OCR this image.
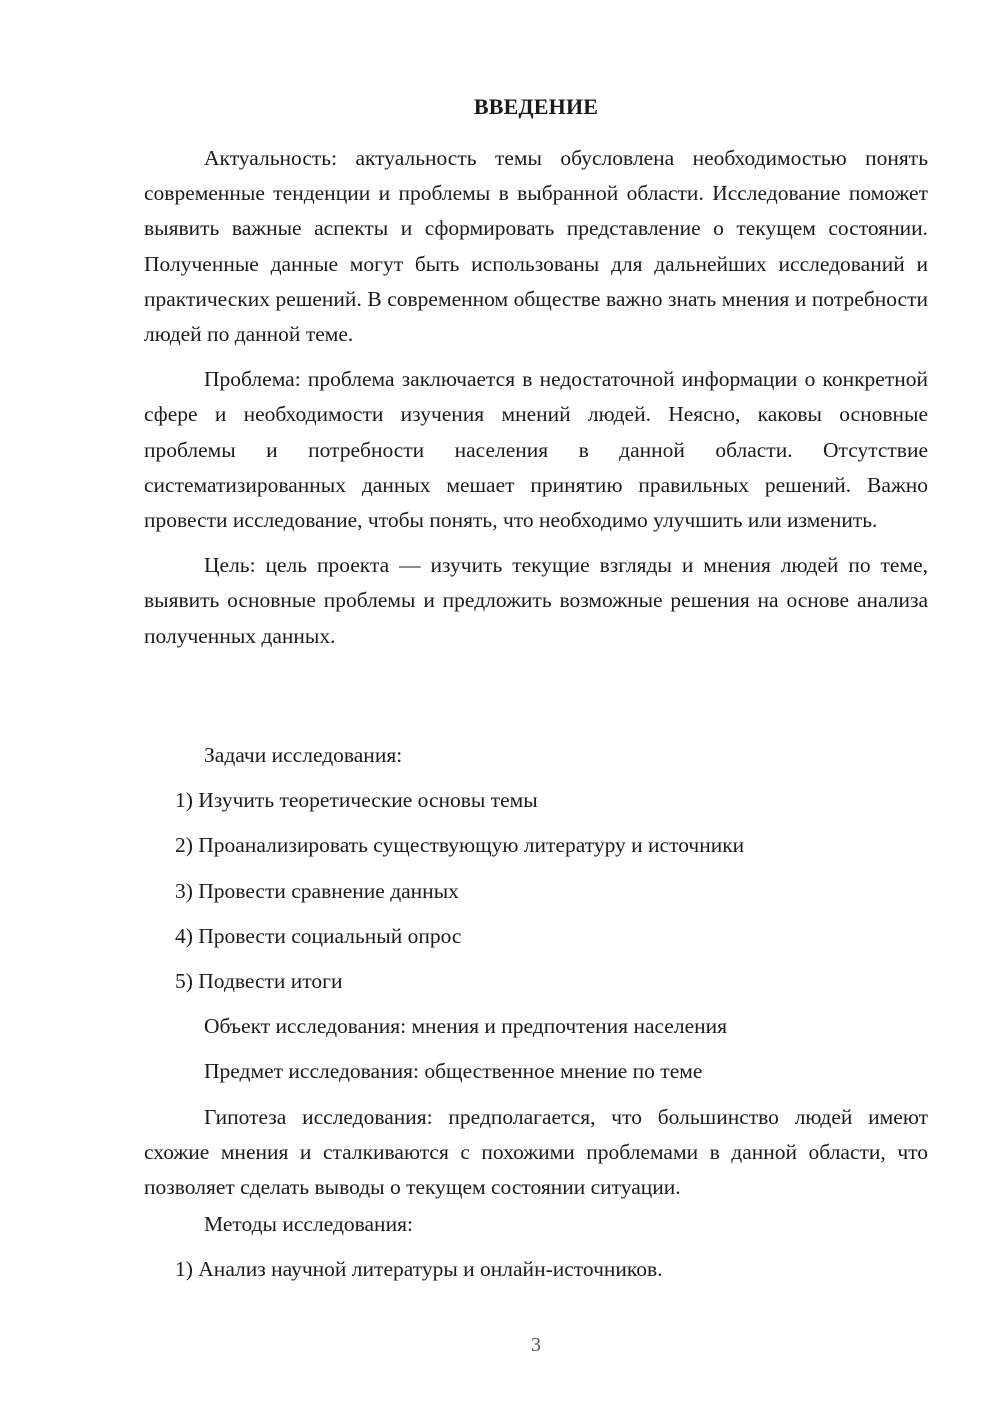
ВВЕДЕНИЕ

Актуальность: актуальность темы обусловлена необходимостью понять современные тенденции и проблемы в выбранной области. Исследование поможет выявить важные аспекты и сформировать представление о текущем состоянии. Полученные данные могут быть использованы для дальнейших исследований и практических решений. В современном обществе важно знать мнения и потребности людей по данной теме.

Проблема: проблема заключается в недостаточной информации о конкретной сфере и необходимости изучения мнений людей. Неясно, каковы основные проблемы и потребности населения в данной области. Отсутствие систематизированных данных мешает принятию правильных решений. Важно провести исследование, чтобы понять, что необходимо улучшить или изменить.

Цель: цель проекта — изучить текущие взгляды и мнения людей по теме, выявить основные проблемы и предложить возможные решения на основе анализа полученных данных.

Задачи исследования:

1) Изучить теоретические основы темы

2) Проанализировать существующую литературу и источники

3) Провести сравнение данных

4) Провести социальный опрос

5) Подвести итоги

Объект исследования: мнения и предпочтения населения

Предмет исследования: общественное мнение по теме

Гипотеза исследования: предполагается, что большинство людей имеют схожие мнения и сталкиваются с похожими проблемами в данной области, что позволяет сделать выводы о текущем состоянии ситуации.

Методы исследования:

1) Анализ научной литературы и онлайн-источников.

3
